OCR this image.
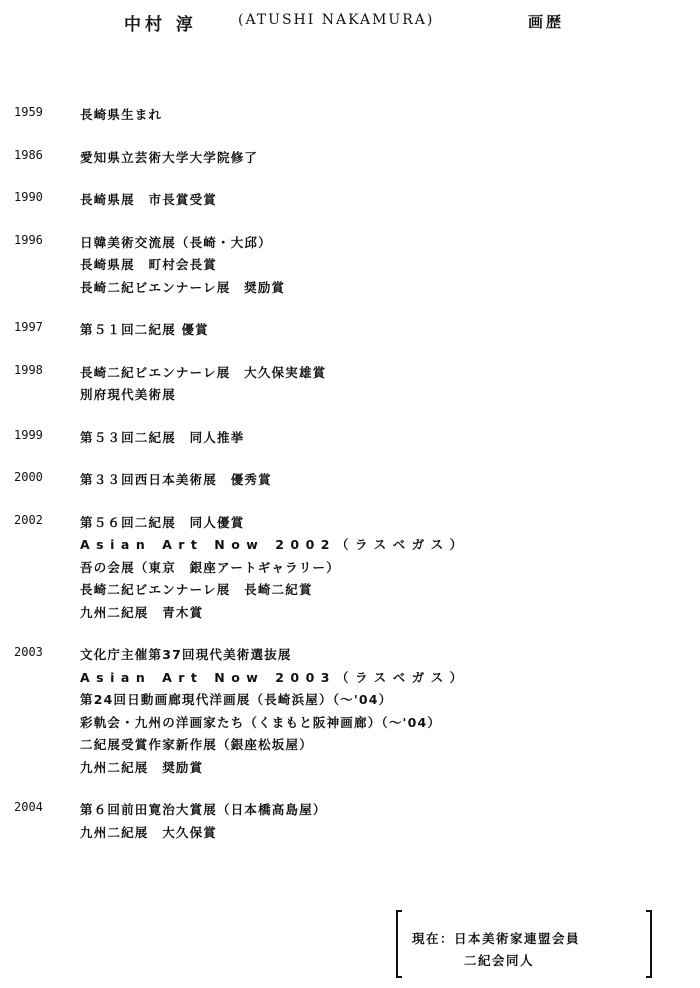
中村 淳	(ATUSHI NAKAMURA)	画歴
1959	長崎県生まれ
1986	愛知県立芸術大学大学院修了
1990	長崎県展　市長賞受賞
1996	日韓美術交流展（長崎・大邱）
長崎県展　町村会長賞
長崎二紀ビエンナーレ展　奨励賞
1997	第５１回二紀展 優賞
1998	長崎二紀ビエンナーレ展　大久保実雄賞
別府現代美術展
1999	第５３回二紀展　同人推挙
2000	第３３回西日本美術展　優秀賞
2002	第５６回二紀展　同人優賞
Asian Art Now 2002（ラスベガス）
吾の会展（東京　銀座アートギャラリー）
長崎二紀ビエンナーレ展　長崎二紀賞
九州二紀展　青木賞
2003	文化庁主催第37回現代美術選抜展
Asian Art Now 2003（ラスベガス）
第24回日動画廊現代洋画展（長崎浜屋）（～'04）
彩軌会・九州の洋画家たち（くまもと阪神画廊）（～'04）
二紀展受賞作家新作展（銀座松坂屋）
九州二紀展　奨励賞
2004	第６回前田寛治大賞展（日本橋高島屋）
九州二紀展　大久保賞
現在：日本美術家連盟会員
二紀会同人
